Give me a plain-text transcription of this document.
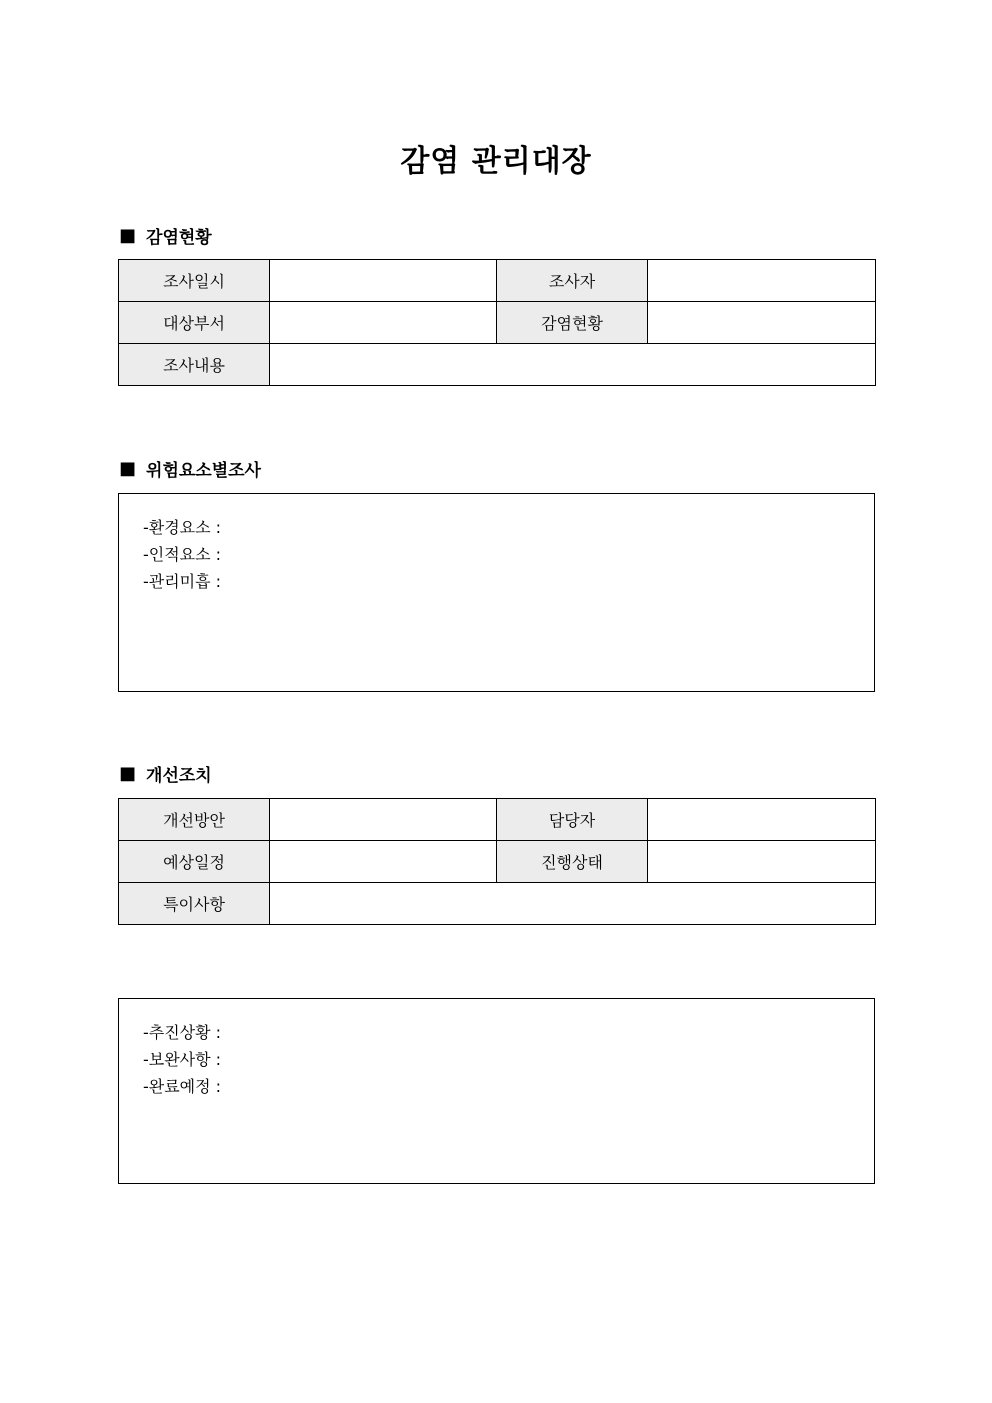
감염 관리대장
■ 감염현황
조사일시		조사자	
대상부서		감염현황	
조사내용			
■ 위험요소별조사
-환경요소 :
-인적요소 :
-관리미흡 :
■ 개선조치
개선방안		담당자	
예상일정		진행상태	
특이사항			
-추진상황 :
-보완사항 :
-완료예정 :
